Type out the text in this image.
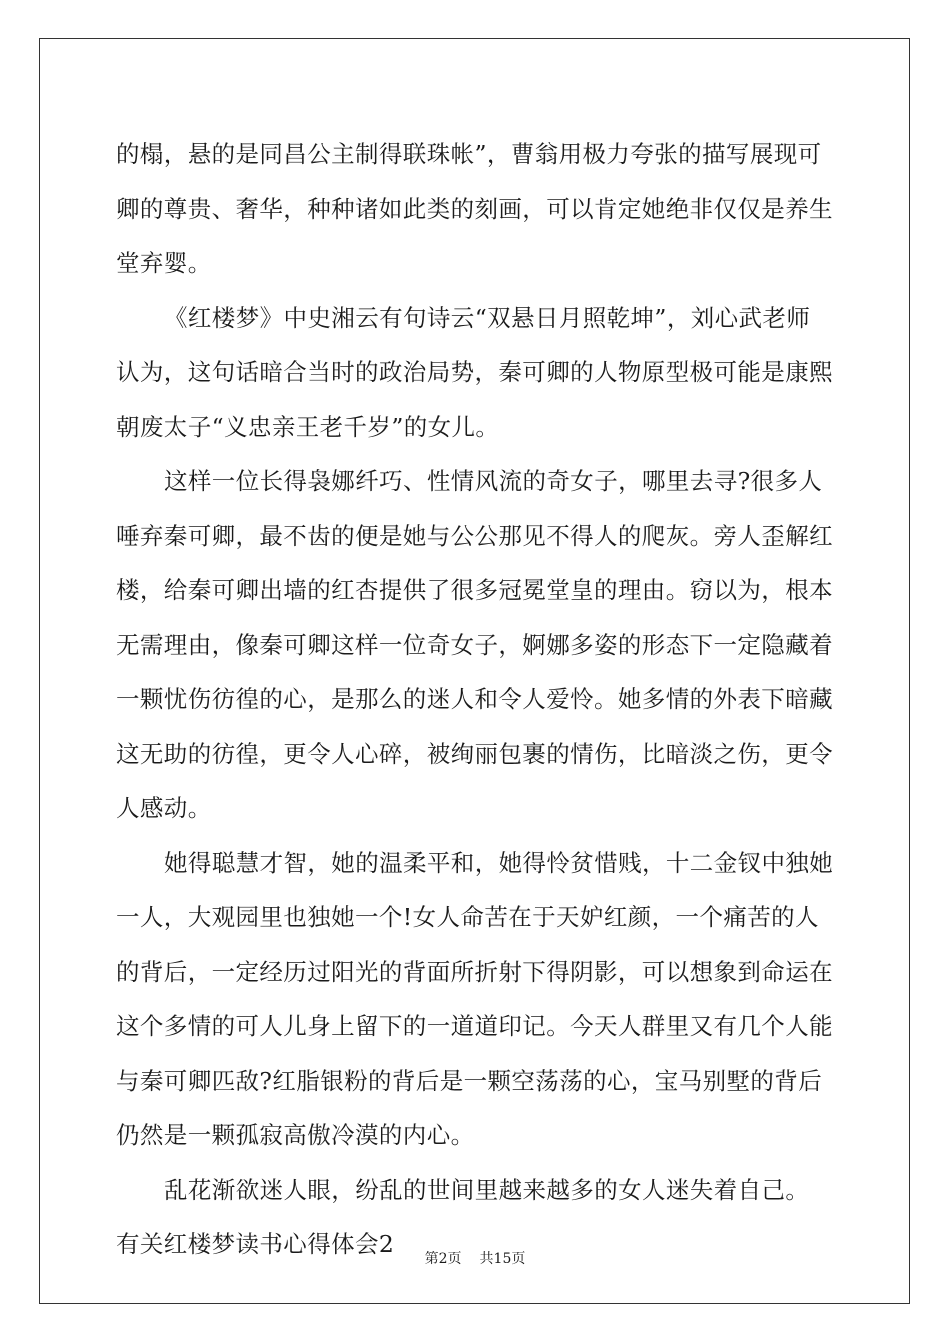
的榻，悬的是同昌公主制得联珠帐”，曹翁用极力夸张的描写展现可
卿的尊贵、奢华，种种诸如此类的刻画，可以肯定她绝非仅仅是养生
堂弃婴。
《红楼梦》中史湘云有句诗云“双悬日月照乾坤”，刘心武老师
认为，这句话暗合当时的政治局势，秦可卿的人物原型极可能是康熙
朝废太子“义忠亲王老千岁”的女儿。
这样一位长得袅娜纤巧、性情风流的奇女子，哪里去寻?很多人
唾弃秦可卿，最不齿的便是她与公公那见不得人的爬灰。旁人歪解红
楼，给秦可卿出墙的红杏提供了很多冠冕堂皇的理由。窃以为，根本
无需理由，像秦可卿这样一位奇女子，婀娜多姿的形态下一定隐藏着
一颗忧伤彷徨的心，是那么的迷人和令人爱怜。她多情的外表下暗藏
这无助的彷徨，更令人心碎，被绚丽包裹的情伤，比暗淡之伤，更令
人感动。
她得聪慧才智，她的温柔平和，她得怜贫惜贱，十二金钗中独她
一人，大观园里也独她一个!女人命苦在于天妒红颜，一个痛苦的人
的背后，一定经历过阳光的背面所折射下得阴影，可以想象到命运在
这个多情的可人儿身上留下的一道道印记。今天人群里又有几个人能
与秦可卿匹敌?红脂银粉的背后是一颗空荡荡的心，宝马别墅的背后
仍然是一颗孤寂高傲冷漠的内心。
乱花渐欲迷人眼，纷乱的世间里越来越多的女人迷失着自己。
有关红楼梦读书心得体会2
第2页 共15页
